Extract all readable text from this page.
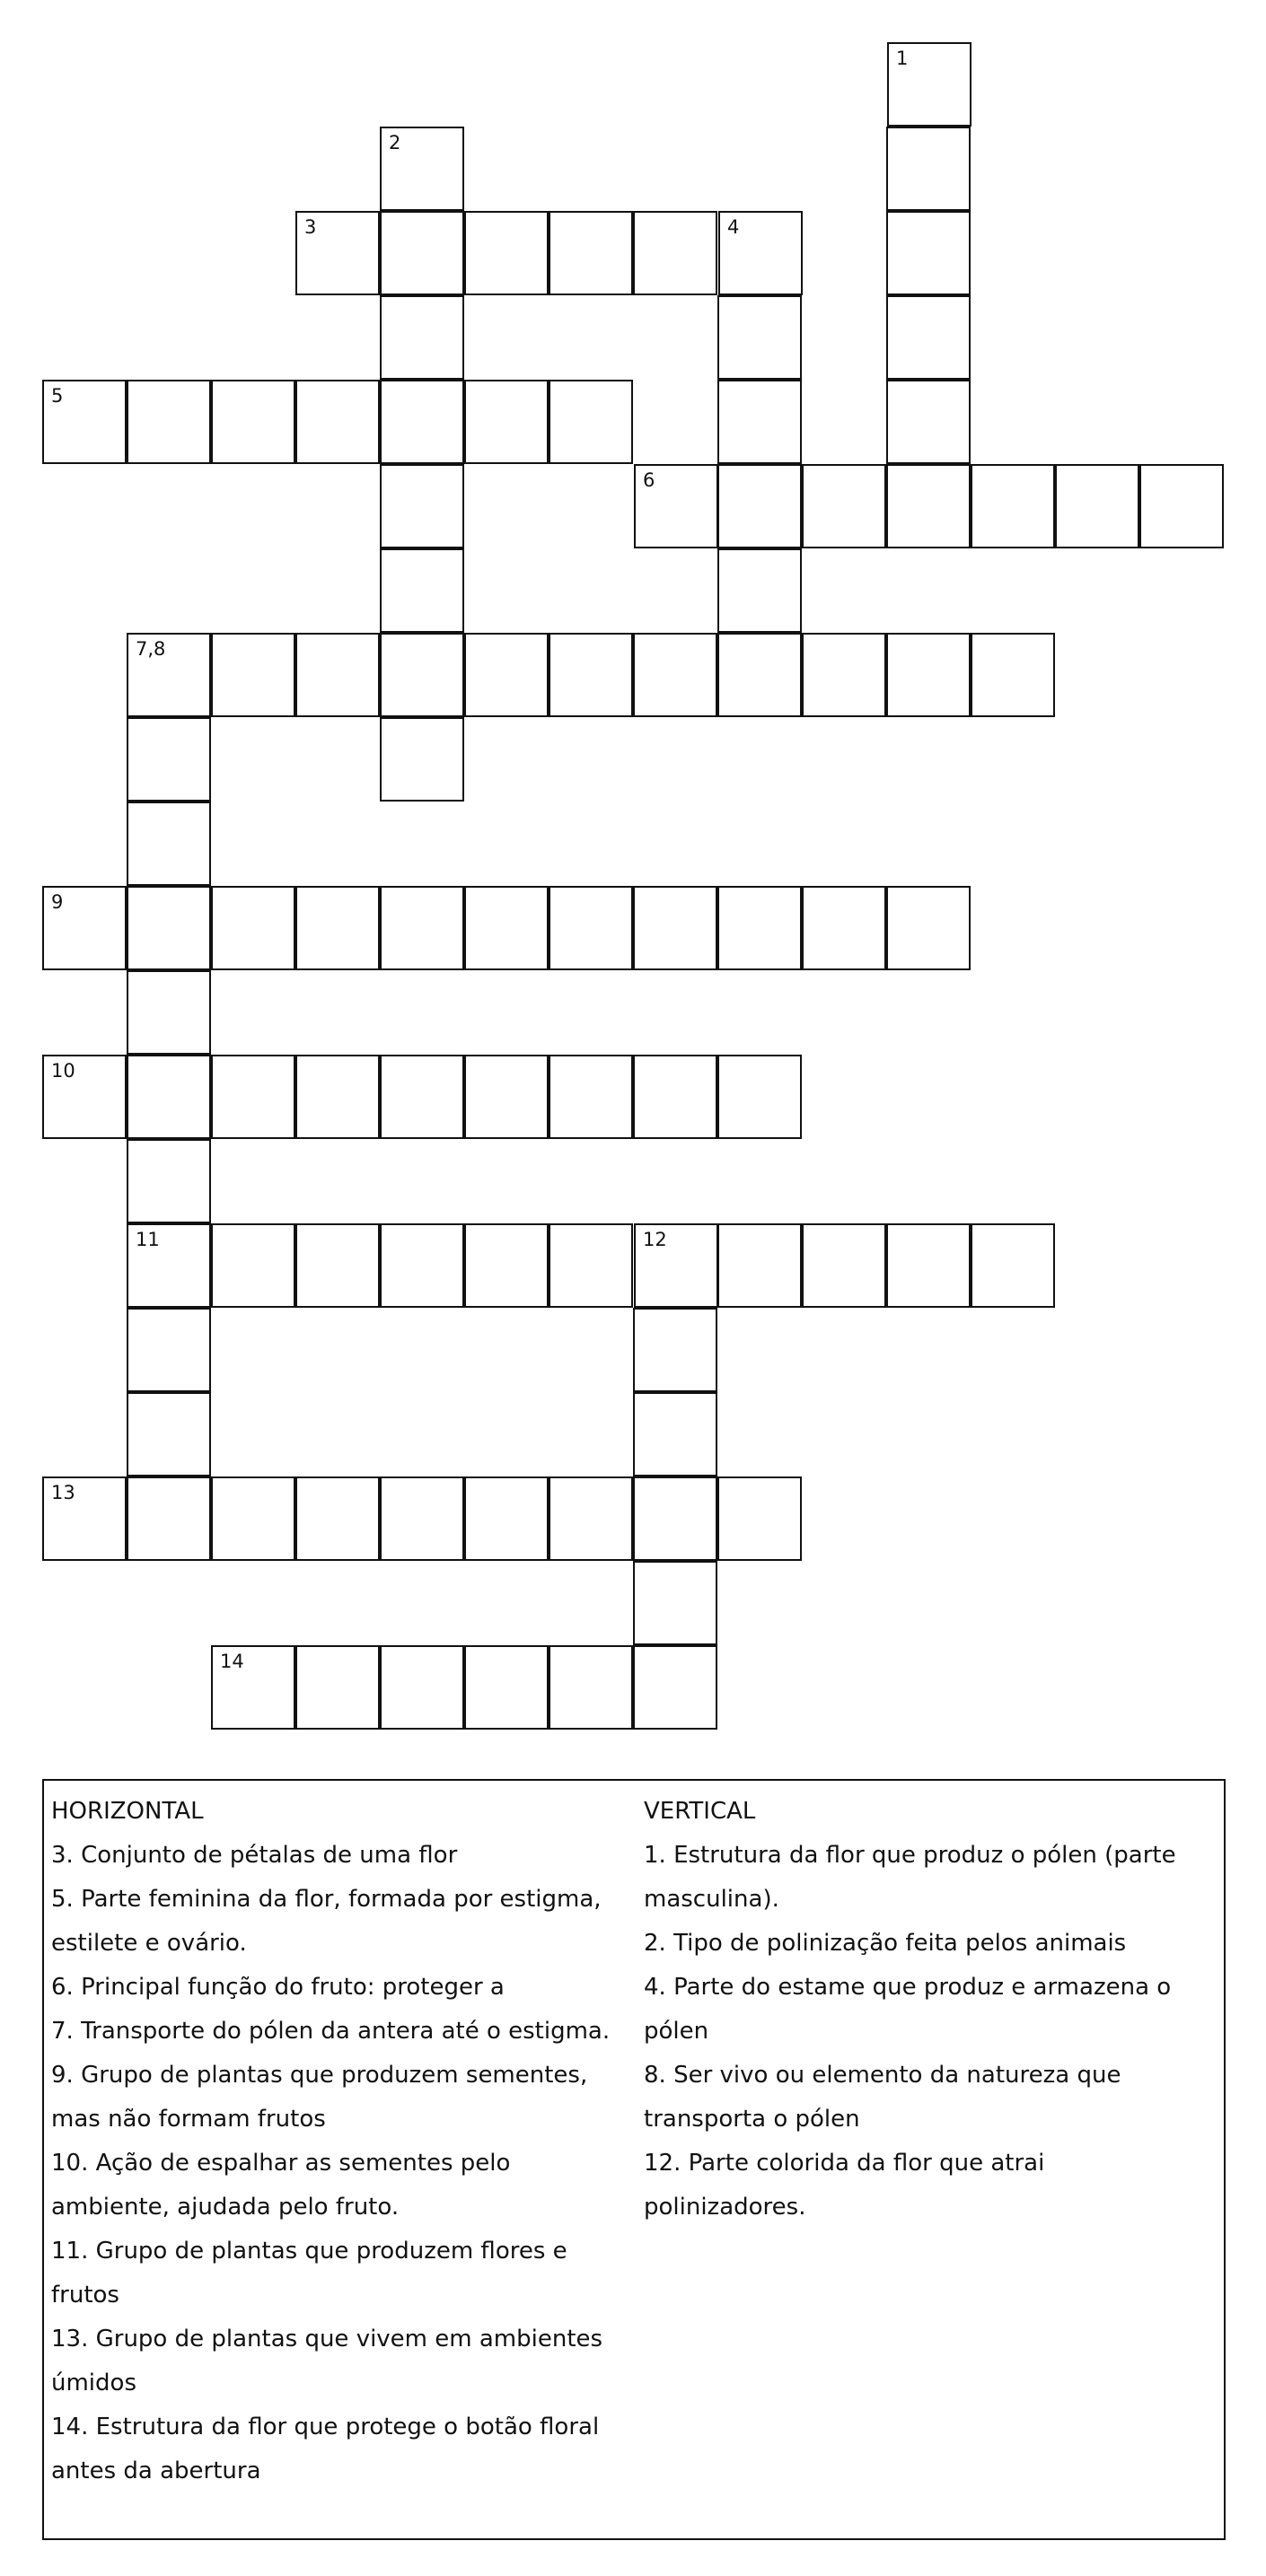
1
2
3	4
5
6
7,8
9
10
11	12
13
14
HORIZONTAL
3. Conjunto de pétalas de uma flor
5. Parte feminina da flor, formada por estigma,
estilete e ovário.
6. Principal função do fruto: proteger a
7. Transporte do pólen da antera até o estigma.
9. Grupo de plantas que produzem sementes,
mas não formam frutos
10. Ação de espalhar as sementes pelo
ambiente, ajudada pelo fruto.
11. Grupo de plantas que produzem flores e
frutos
13. Grupo de plantas que vivem em ambientes
úmidos
14. Estrutura da flor que protege o botão floral
antes da abertura
VERTICAL
1. Estrutura da flor que produz o pólen (parte
masculina).
2. Tipo de polinização feita pelos animais
4. Parte do estame que produz e armazena o
pólen
8. Ser vivo ou elemento da natureza que
transporta o pólen
12. Parte colorida da flor que atrai
polinizadores.
